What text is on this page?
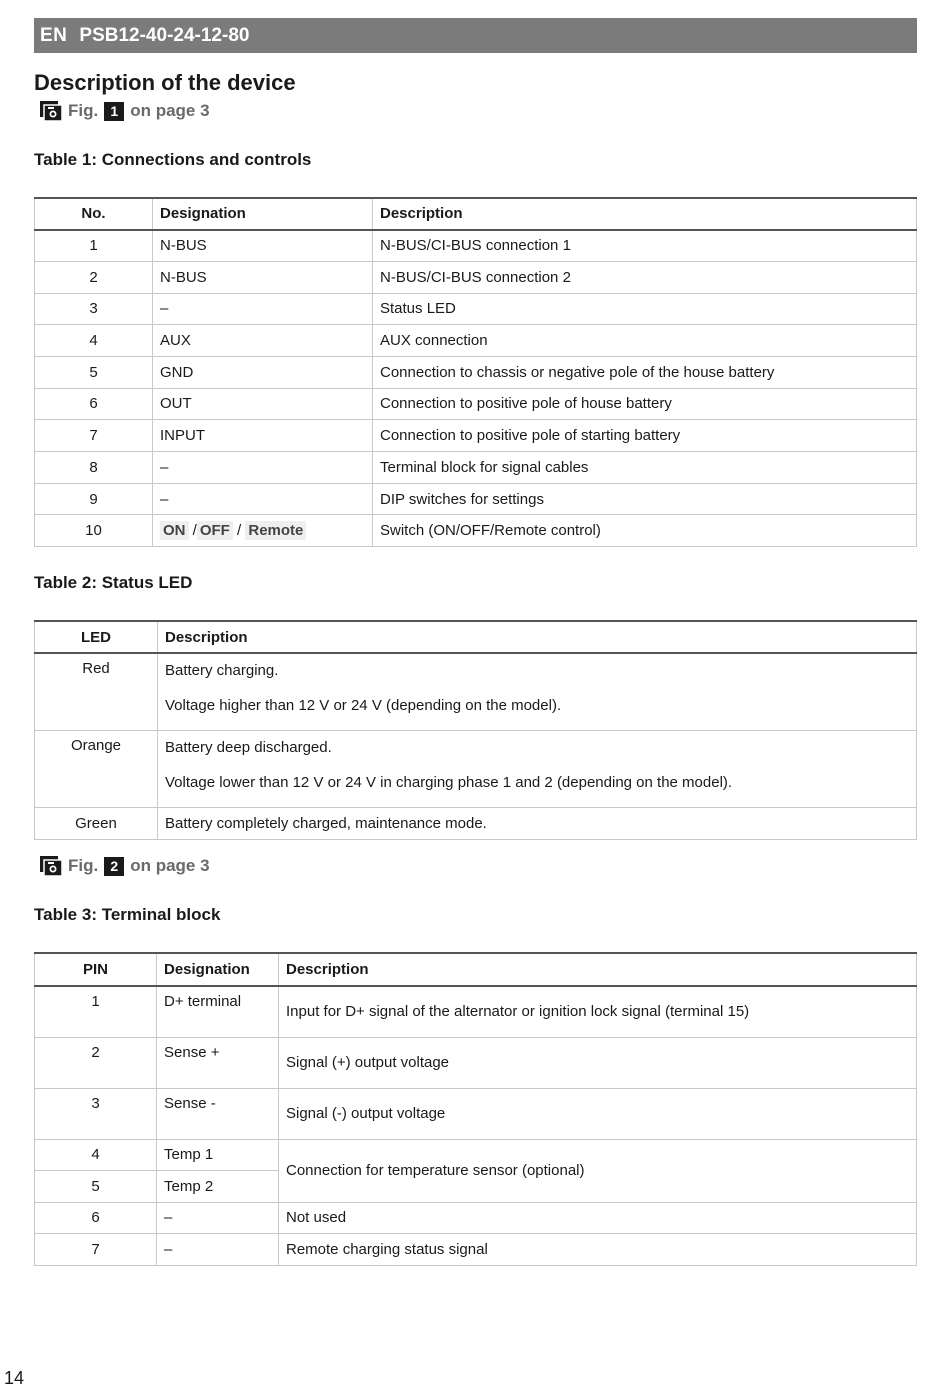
EN PSB12-40-24-12-80
Description of the device
Fig. 1 on page 3
Table 1: Connections and controls
No.	Designation	Description
1	N-BUS	N-BUS/CI-BUS connection 1
2	N-BUS	N-BUS/CI-BUS connection 2
3	–	Status LED
4	AUX	AUX connection
5	GND	Connection to chassis or negative pole of the house battery
6	OUT	Connection to positive pole of house battery
7	INPUT	Connection to positive pole of starting battery
8	–	Terminal block for signal cables
9	–	DIP switches for settings
10	ON / OFF / Remote	Switch (ON/OFF/Remote control)
Table 2: Status LED
LED	Description
Red	Battery charging.

Voltage higher than 12 V or 24 V (depending on the model).

Orange	Battery deep discharged.

Voltage lower than 12 V or 24 V in charging phase 1 and 2 (depending on the model).

Green	Battery completely charged, maintenance mode.
Fig. 2 on page 3
Table 3: Terminal block
PIN	Designation	Description
1	D+ terminal	Input for D+ signal of the alternator or ignition lock signal (terminal 15)
2	Sense +	Signal (+) output voltage
3	Sense -	Signal (-) output voltage
4	Temp 1	Connection for temperature sensor (optional)
5	Temp 2	
6	–	Not used
7	–	Remote charging status signal
14
